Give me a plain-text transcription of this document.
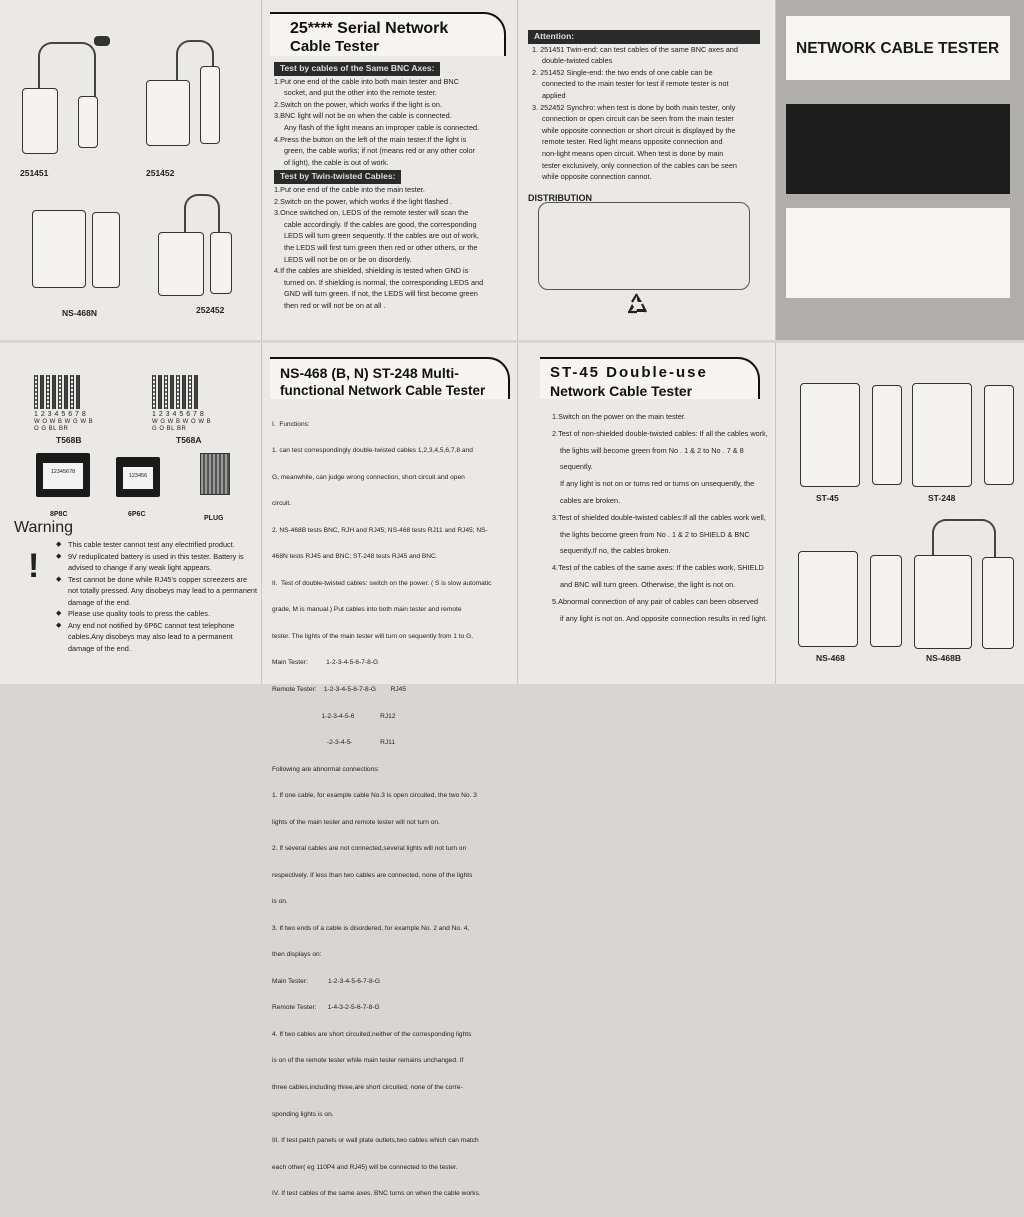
251451	251452
NS-468N	252452
25**** Serial Network
Cable Tester
Test by cables of the Same BNC Axes:
1.Put one end of the cable into both main tester and BNC
socket, and put the other into the remote tester.
2.Switch on the power, which works if the light is on.
3.BNC light will not be on when the cable is connected.
Any flash of the light means an improper cable is connected.
4.Press the button on the left of the main tester.If the light is
green, the cable works; if not (means red or any other color
of light), the cable is out of work.
Test by Twin-twisted Cables:
1.Put one end of the cable into the main tester.
2.Switch on the power, which works if the light flashed .
3.Once switched on, LEDS of the remote tester will scan the
cable accordingly. If the cables are good, the corresponding
LEDS will turn green sequently. If the cables are out of work,
the LEDS will first turn green then red or other others, or the
LEDS will not be on or be on disorderly.
4.If the cables are shielded, shielding is tested when GND is
turned on. If shielding is normal, the corresponding LEDS and
GND will turn green. If not, the LEDS will first become green
then red or will not be on at all .
Attention:
1. 251451 Twin-end: can test cables of the same BNC axes and
double-twisted cables
2. 251452 Single-end: the two ends of one cable can be
connected to the main tester for test if remote tester is not
applied
3. 252452 Synchro: when test is done by both main tester, only
connection or open circuit can be seen from the main tester
while opposite connection or short circuit is displayed by the
remote tester. Red light means opposite connection and
non-light means open circuit. When test is done by main
tester exclusively, only connection of the cables can be seen
while opposite connection cannot.
DISTRIBUTION
NETWORK CABLE TESTER
1 2 3 4 5 6 7 8
W O W B W G W B
O G BL BR
T568B
1 2 3 4 5 6 7 8
W G W B W O W B
G O BL BR
T568A
12345678
8P8C
123456
6P6C
PLUG
Warning
!
◆ This cable tester cannot test any electrified product.
◆ 9V reduplicated battery is used in this tester. Battery is advised to change if any weak light appears.
◆ Test cannot be done while RJ45's copper screezers are not totally pressed. Any disobeys may lead to a permanent damage of the end.
◆ Please use quality tools to press the cables.
◆ Any end not notified by 6P6C cannot test telephone cables.Any disobeys may also lead to a permanent damage of the end.
NS-468 (B, N) ST-248 Multi-
functional Network Cable Tester

I.  Functions:

1. can test correspondingly double-twisted cables 1,2,3,4,5,6,7,8 and

G, meanwhile, can judge wrong connection, short circuit and open

circuit.

2. NS-468B tests BNC, RJH and RJ45; NS-468 tests RJ11 and RJ45; NS-

468N tests RJ45 and BNC; ST-248 tests RJ45 and BNC.

II.  Test of double-twisted cables: switch on the power. ( S is slow automatic

grade, M is manual.) Put cables into both main tester and remote

tester. The lights of the main tester will turn on sequently from 1 to G.

Main Tester:          1-2-3-4-5-6-7-8-G

Remote Tester:    1-2-3-4-5-6-7-8-G        RJ45

1-2-3-4-5-6              RJ12

-2-3-4-5-               RJ11

Following are abnormal connections:

1. If one cable, for example cable No.3 is open circuited, the two No. 3

lights of the main tester and remote tester will not turn on.

2. If several cables are not connected,several lights will not turn on

respectively. If less than two cables are connected, none of the lights

is on.

3. If two ends of a cable is disordered, for example No. 2 and No. 4,

then displays on:

Main Tester:           1-2-3-4-5-6-7-8-G

Remote Tester:      1-4-3-2-5-6-7-8-G

4. If two cables are short circuited,neither of the corresponding lights

is on of the remote tester while main tester remains unchanged. If

three cables,including three,are short circuited, none of the corre-

sponding lights is on.

III. If test patch panels or wall plate outlets,two cables which can match

each other( eg 110P4 and RJ45) will be connected to the tester.

IV. If test cables of the same axes, BNC turns on when the cable works.

ST-45 Double-use
Network Cable Tester
1.Switch on the power on the main tester.
2.Test of non-shielded double-twisted cables: If all the cables work,
the lights will become green from No . 1 & 2 to No . 7 & 8 sequently.
If any light is not on or turns red or turns on unsequently, the
cables are broken.
3.Test of shielded double-twisted cables:If all the cables work well,
the lights become green from No . 1 & 2 to SHIELD & BNC
sequently.If no, the cables broken.
4.Test of the cables of the same axes: If the cables work, SHIELD
and BNC will turn green. Otherwise, the light is not on.
5.Abnormal connection of any pair of cables can been observed
if any light is not on. And opposite connection results in red light.
ST-45	ST-248
NS-468	NS-468B
